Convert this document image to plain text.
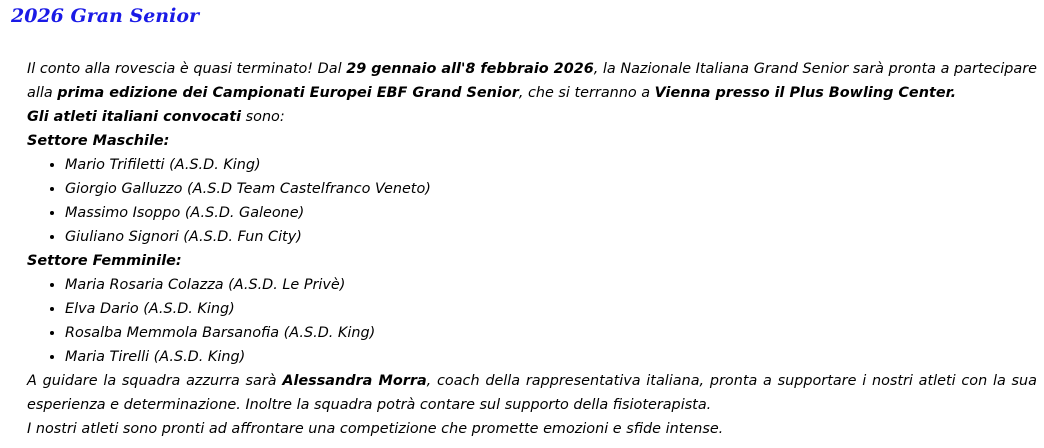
2026 Gran Senior

Il conto alla rovescia è quasi terminato! Dal 29 gennaio all'8 febbraio 2026, la Nazionale Italiana Grand Senior sarà pronta a partecipare alla prima edizione dei Campionati Europei EBF Grand Senior, che si terranno a Vienna presso il Plus Bowling Center.

Gli atleti italiani convocati sono:

Settore Maschile:

• Mario Trifiletti (A.S.D. King)
• Giorgio Galluzzo (A.S.D Team Castelfranco Veneto)
• Massimo Isoppo (A.S.D. Galeone)
• Giuliano Signori (A.S.D. Fun City)

Settore Femminile:

• Maria Rosaria Colazza (A.S.D. Le Privè)
• Elva Dario (A.S.D. King)
• Rosalba Memmola Barsanofia (A.S.D. King)
• Maria Tirelli (A.S.D. King)

A guidare la squadra azzurra sarà Alessandra Morra, coach della rappresentativa italiana, pronta a supportare i nostri atleti con la sua esperienza e determinazione. Inoltre la squadra potrà contare sul supporto della fisioterapista.

I nostri atleti sono pronti ad affrontare una competizione che promette emozioni e sfide intense.
